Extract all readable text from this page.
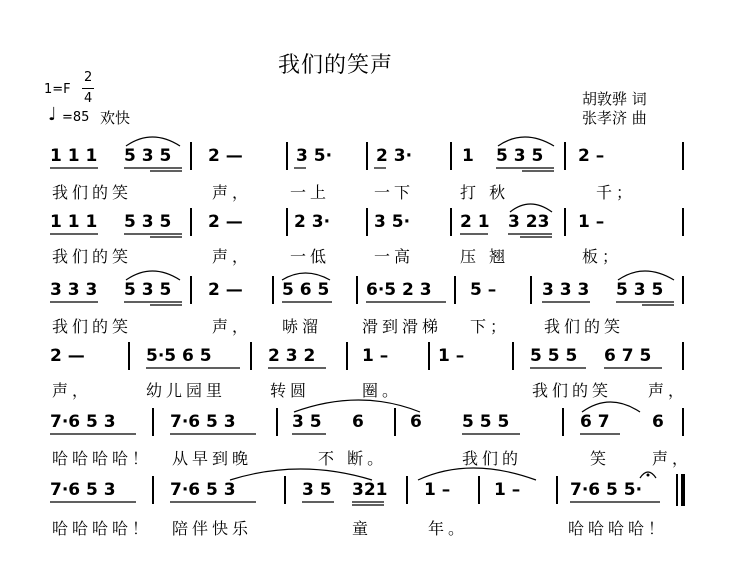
我们的笑声
1=F
2
4
♩ =85 欢快
胡敦骅 词
张孝济 曲
1 1 1 5 3 5 2 —	3 5·	2 3·	1 5 3 5 2 –
我们的笑	声， 一上	一下	打 秋	千；
1 1 1 5 3 5 2 —	2 3·	3 5·	2 1 3 23 1 –
我们的笑	声， 一低	一高	压 翘	板；
3 3 3 5 3 5 2 — 5 6 5 6·5 2 3 5 –	3 3 3 5 3 5
我们的笑	声， 哧溜 滑到滑梯 下； 我们的笑
2 —	5·5 6 5	2 3 2	1 –	1 –	5 5 5 6 7 5
声，	幼儿园里	转圆	圈。	我们的笑 声，
7·6 5 3	7·6 5 3	3 5 6	6 5 5 5	6 7 6
哈哈哈哈！ 从早到晚	不 断。	我们的	笑	声，
7·6 5 3	7·6 5 3	3 5 321 1 –	1 –	7·6 5 5·
哈哈哈哈！ 陪伴快乐	童	年。	哈哈哈哈！
